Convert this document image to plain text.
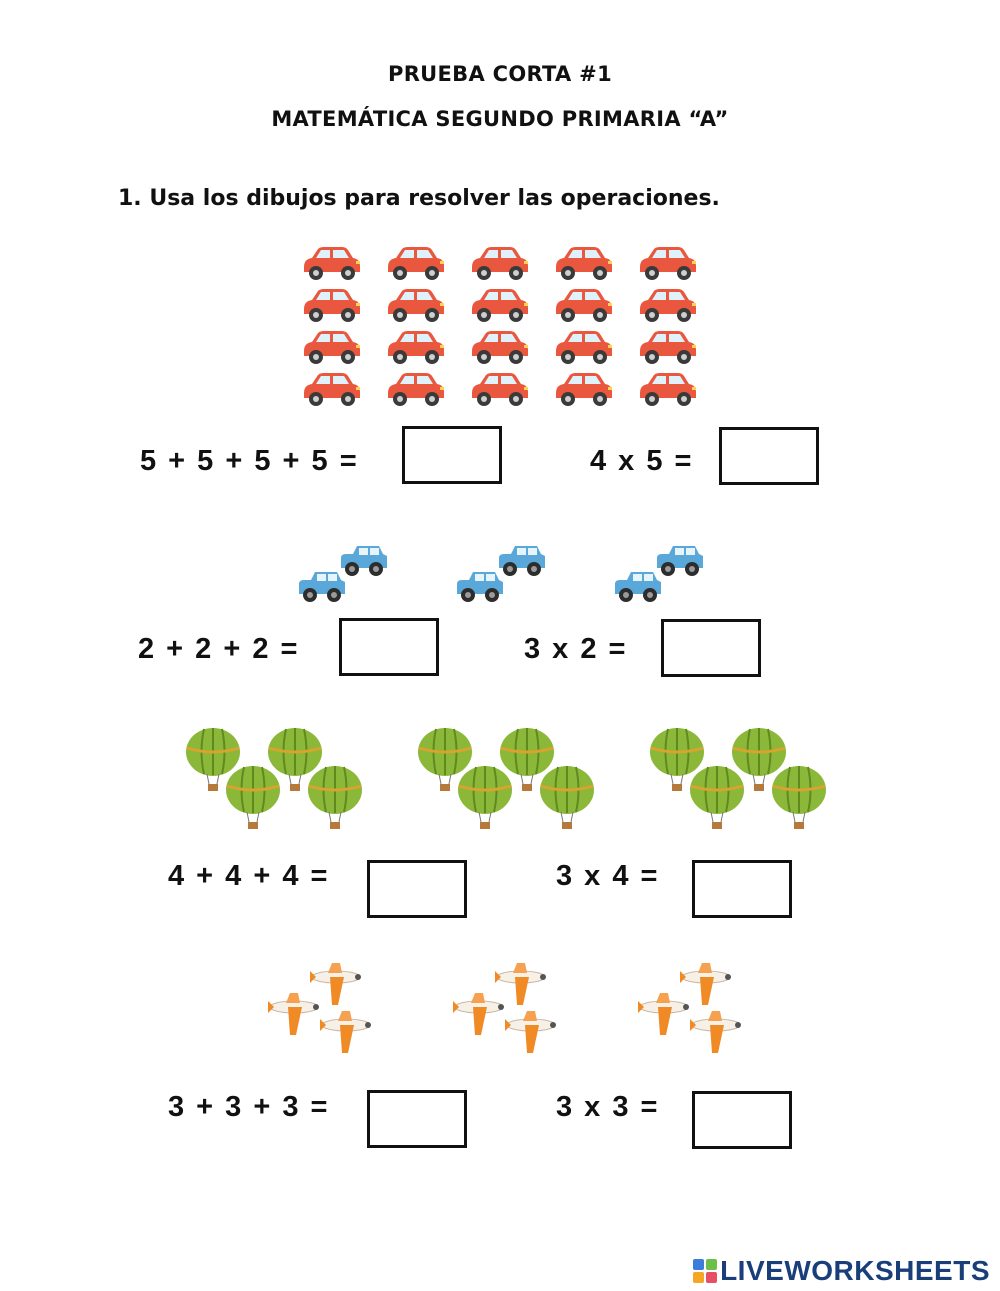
PRUEBA CORTA #1
MATEMÁTICA SEGUNDO PRIMARIA “A”
1. Usa los dibujos para resolver las operaciones.
5 + 5 + 5 + 5 =	4 x 5 =
2 + 2 + 2 =	3 x 2 =
4 + 4 + 4 =	3 x 4 =
3 + 3 + 3 =	3 x 3 =
LIVEWORKSHEETS
